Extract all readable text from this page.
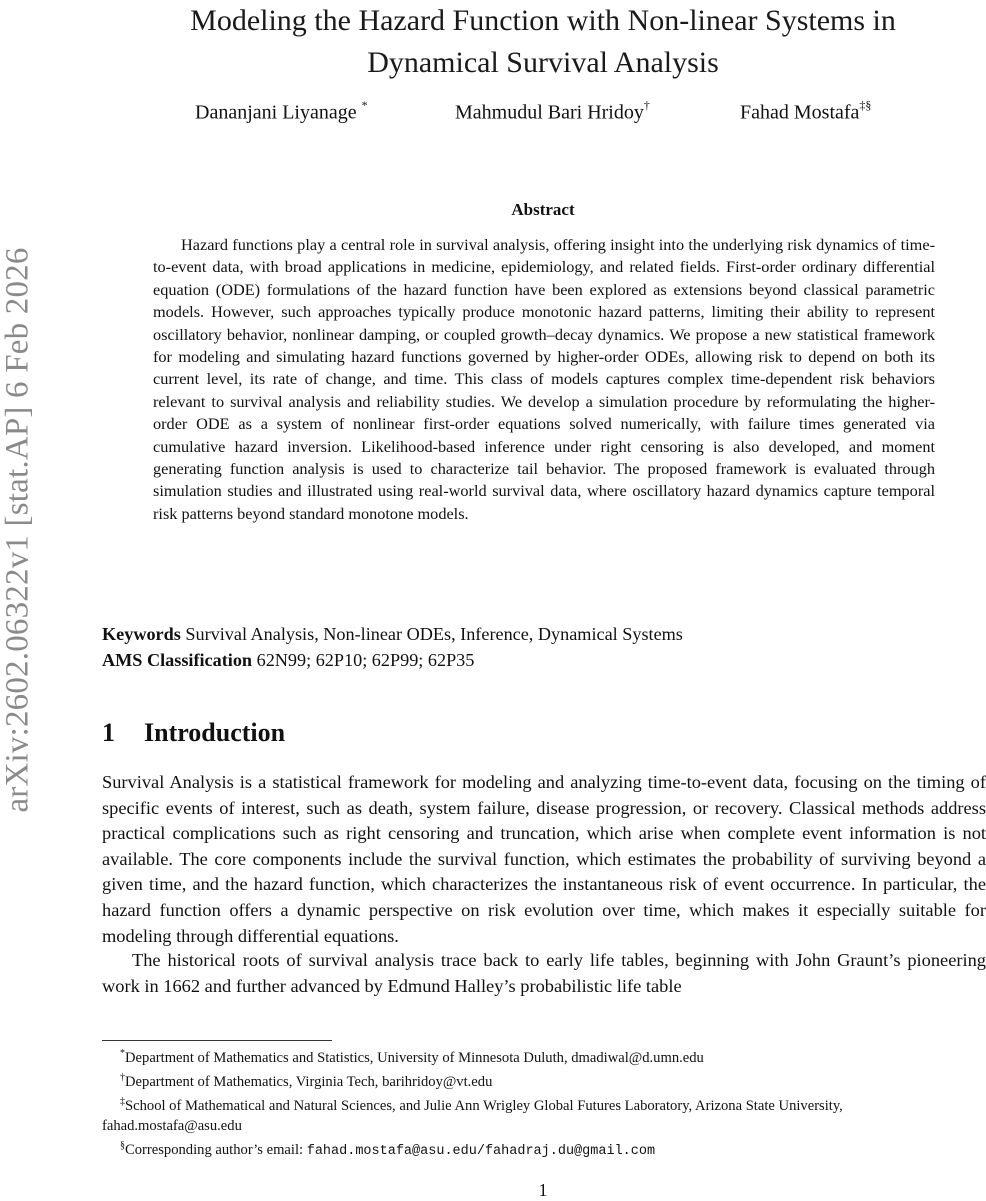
arXiv:2602.06322v1 [stat.AP] 6 Feb 2026
Modeling the Hazard Function with Non-linear Systems in
Dynamical Survival Analysis
Dananjani Liyanage *	Mahmudul Bari Hridoy†	Fahad Mostafa‡§
Abstract

Hazard functions play a central role in survival analysis, offering insight into the underlying risk dynamics of time-to-event data, with broad applications in medicine, epidemiology, and related fields. First-order ordinary differential equation (ODE) formulations of the hazard function have been explored as extensions beyond classical parametric models. However, such approaches typically produce monotonic hazard patterns, limiting their ability to represent oscillatory behavior, nonlinear damping, or coupled growth–decay dynamics. We propose a new statistical framework for modeling and simulating hazard functions governed by higher-order ODEs, allowing risk to depend on both its current level, its rate of change, and time. This class of models captures complex time-dependent risk behaviors relevant to survival analysis and reliability studies. We develop a simulation procedure by reformulating the higher-order ODE as a system of nonlinear first-order equations solved numerically, with failure times generated via cumulative hazard inversion. Likelihood-based inference under right censoring is also developed, and moment generating function analysis is used to characterize tail behavior. The proposed framework is evaluated through simulation studies and illustrated using real-world survival data, where oscillatory hazard dynamics capture temporal risk patterns beyond standard monotone models.

Keywords Survival Analysis, Non-linear ODEs, Inference, Dynamical Systems
AMS Classification 62N99; 62P10; 62P99; 62P35
1 Introduction

Survival Analysis is a statistical framework for modeling and analyzing time-to-event data, focusing on the timing of specific events of interest, such as death, system failure, disease progression, or recovery. Classical methods address practical complications such as right censoring and truncation, which arise when complete event information is not available. The core components include the survival function, which estimates the probability of surviving beyond a given time, and the hazard function, which characterizes the instantaneous risk of event occurrence. In particular, the hazard function offers a dynamic perspective on risk evolution over time, which makes it especially suitable for modeling through differential equations.

The historical roots of survival analysis trace back to early life tables, beginning with John Graunt’s pioneering work in 1662 and further advanced by Edmund Halley’s probabilistic life table

*Department of Mathematics and Statistics, University of Minnesota Duluth, dmadiwal@d.umn.edu

†Department of Mathematics, Virginia Tech, barihridoy@vt.edu

‡School of Mathematical and Natural Sciences, and Julie Ann Wrigley Global Futures Laboratory, Arizona State University, fahad.mostafa@asu.edu

§Corresponding author’s email: fahad.mostafa@asu.edu/fahadraj.du@gmail.com

1
